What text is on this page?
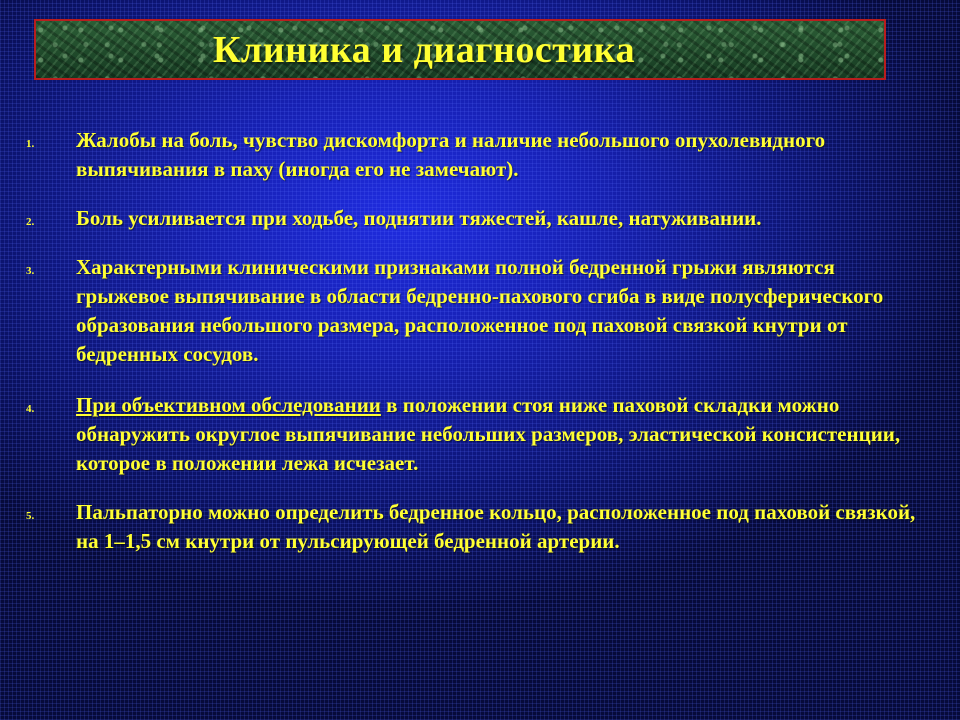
Клиника и диагностика
1.	Жалобы на боль, чувство дискомфорта и наличие небольшого опухолевидного выпячивания в паху (иногда его не замечают).
2.	Боль усиливается при ходьбе, поднятии тяжестей, кашле, натуживании.
3.	Характерными клиническими признаками полной бедренной грыжи являются грыжевое выпячивание в области бедренно-пахового сгиба в виде полусферического образования небольшого размера, расположенное под паховой связкой кнутри от бедренных сосудов.
4.	При объективном обследовании в положении стоя ниже паховой складки можно обнаружить округлое выпячивание небольших размеров, эластической консистенции, которое в положении лежа исчезает.
5.	Пальпаторно можно определить бедренное кольцо, расположенное под паховой связкой, на 1–1,5 см кнутри от пульсирующей бедренной артерии.
